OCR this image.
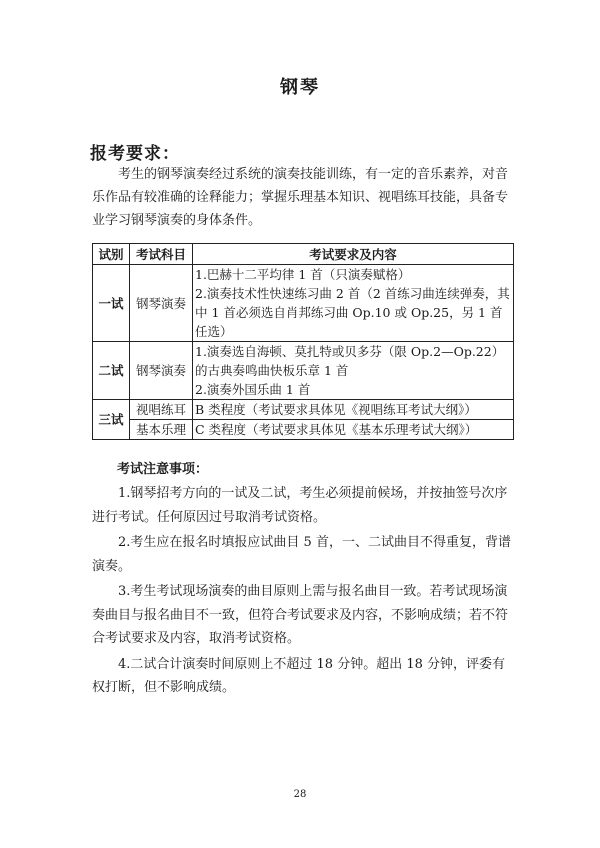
钢琴
报考要求：

考生的钢琴演奏经过系统的演奏技能训练，有一定的音乐素养，对音乐作品有较准确的诠释能力；掌握乐理基本知识、视唱练耳技能，具备专业学习钢琴演奏的身体条件。

试别	考试科目	考试要求及内容
一试	钢琴演奏	1.巴赫十二平均律 1 首（只演奏赋格）
2.演奏技术性快速练习曲 2 首（2 首练习曲连续弹奏，其中 1 首必须选自肖邦练习曲 Op.10 或 Op.25，另 1 首任选）

二试	钢琴演奏	1.演奏选自海顿、莫扎特或贝多芬（限 Op.2—Op.22）的古典奏鸣曲快板乐章 1 首
2.演奏外国乐曲 1 首

三试	视唱练耳	B 类程度（考试要求具体见《视唱练耳考试大纲》）
	基本乐理	C 类程度（考试要求具体见《基本乐理考试大纲》）
考试注意事项：

1.钢琴招考方向的一试及二试，考生必须提前候场，并按抽签号次序进行考试。任何原因过号取消考试资格。

2.考生应在报名时填报应试曲目 5 首，一、二试曲目不得重复，背谱演奏。

3.考生考试现场演奏的曲目原则上需与报名曲目一致。若考试现场演奏曲目与报名曲目不一致，但符合考试要求及内容，不影响成绩；若不符合考试要求及内容，取消考试资格。

4.二试合计演奏时间原则上不超过 18 分钟。超出 18 分钟，评委有权打断，但不影响成绩。

28
